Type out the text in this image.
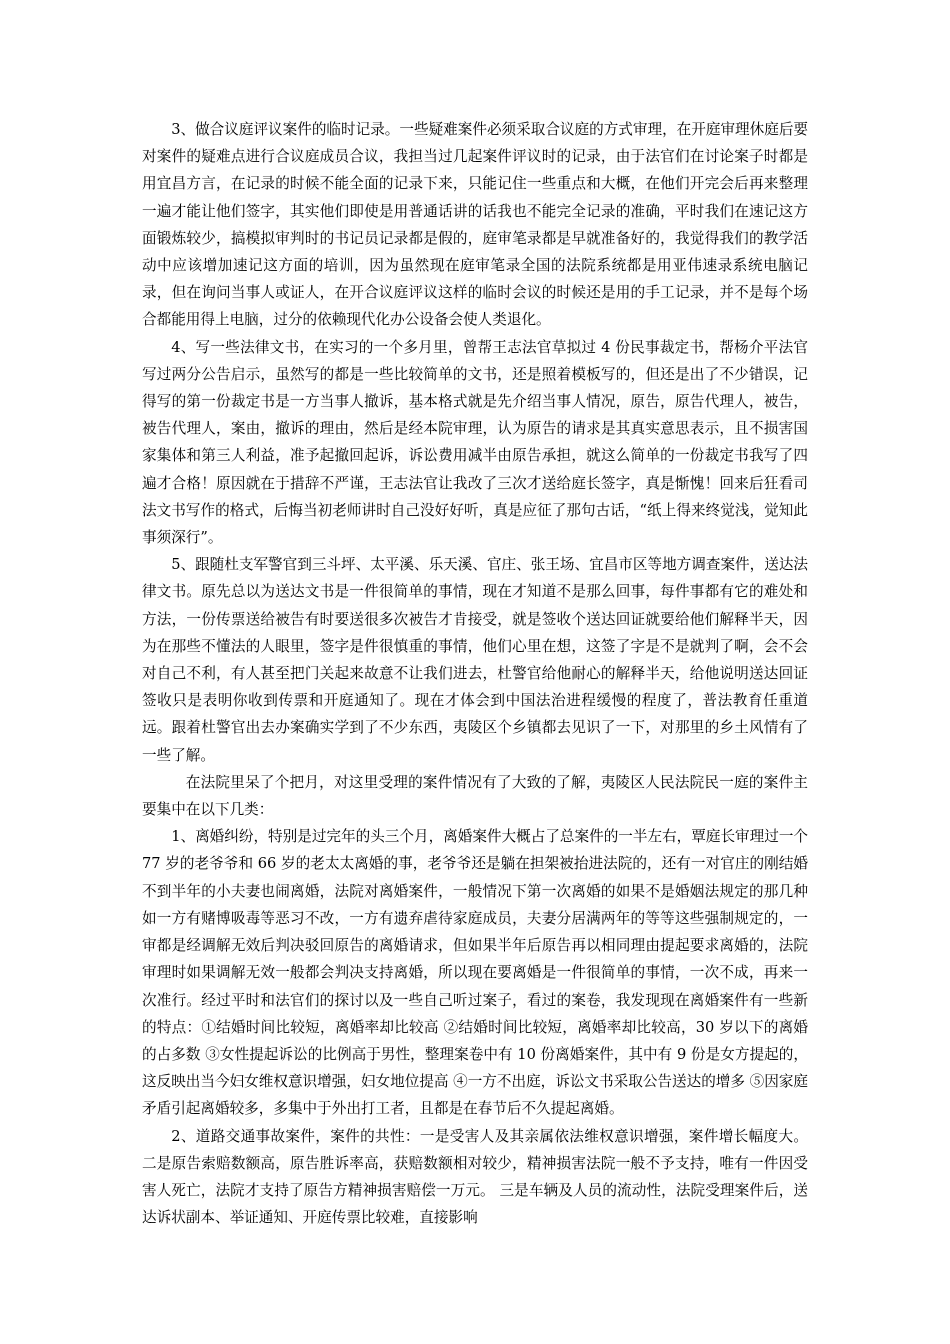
3、做合议庭评议案件的临时记录。一些疑难案件必须采取合议庭的方式审理，在开庭审理休庭后要对案件的疑难点进行合议庭成员合议，我担当过几起案件评议时的记录，由于法官们在讨论案子时都是用宜昌方言，在记录的时候不能全面的记录下来，只能记住一些重点和大概，在他们开完会后再来整理一遍才能让他们签字，其实他们即使是用普通话讲的话我也不能完全记录的准确，平时我们在速记这方面锻炼较少，搞模拟审判时的书记员记录都是假的，庭审笔录都是早就准备好的，我觉得我们的教学活动中应该增加速记这方面的培训，因为虽然现在庭审笔录全国的法院系统都是用亚伟速录系统电脑记录，但在询问当事人或证人，在开合议庭评议这样的临时会议的时候还是用的手工记录，并不是每个场合都能用得上电脑，过分的依赖现代化办公设备会使人类退化。

4、写一些法律文书，在实习的一个多月里，曾帮王志法官草拟过 4 份民事裁定书，帮杨介平法官写过两分公告启示，虽然写的都是一些比较简单的文书，还是照着模板写的，但还是出了不少错误，记得写的第一份裁定书是一方当事人撤诉，基本格式就是先介绍当事人情况，原告，原告代理人，被告，被告代理人，案由，撤诉的理由，然后是经本院审理，认为原告的请求是其真实意思表示，且不损害国家集体和第三人利益，准予起撤回起诉，诉讼费用减半由原告承担，就这么简单的一份裁定书我写了四遍才合格！原因就在于措辞不严谨，王志法官让我改了三次才送给庭长签字，真是惭愧！回来后狂看司法文书写作的格式，后悔当初老师讲时自己没好好听，真是应征了那句古话，“纸上得来终觉浅，觉知此事须深行”。

5、跟随杜支军警官到三斗坪、太平溪、乐天溪、官庄、张王场、宜昌市区等地方调查案件，送达法律文书。原先总以为送达文书是一件很简单的事情，现在才知道不是那么回事，每件事都有它的难处和方法，一份传票送给被告有时要送很多次被告才肯接受，就是签收个送达回证就要给他们解释半天，因为在那些不懂法的人眼里，签字是件很慎重的事情，他们心里在想，这签了字是不是就判了啊，会不会对自己不利，有人甚至把门关起来故意不让我们进去，杜警官给他耐心的解释半天，给他说明送达回证签收只是表明你收到传票和开庭通知了。现在才体会到中国法治进程缓慢的程度了，普法教育任重道远。跟着杜警官出去办案确实学到了不少东西，夷陵区个乡镇都去见识了一下，对那里的乡土风情有了一些了解。

在法院里呆了个把月，对这里受理的案件情况有了大致的了解，夷陵区人民法院民一庭的案件主要集中在以下几类：

1、离婚纠纷，特别是过完年的头三个月，离婚案件大概占了总案件的一半左右，覃庭长审理过一个 77 岁的老爷爷和 66 岁的老太太离婚的事，老爷爷还是躺在担架被抬进法院的，还有一对官庄的刚结婚不到半年的小夫妻也闹离婚，法院对离婚案件，一般情况下第一次离婚的如果不是婚姻法规定的那几种如一方有赌博吸毒等恶习不改，一方有遗弃虐待家庭成员，夫妻分居满两年的等等这些强制规定的，一审都是经调解无效后判决驳回原告的离婚请求，但如果半年后原告再以相同理由提起要求离婚的，法院审理时如果调解无效一般都会判决支持离婚，所以现在要离婚是一件很简单的事情，一次不成，再来一次准行。经过平时和法官们的探讨以及一些自己听过案子，看过的案卷，我发现现在离婚案件有一些新的特点：①结婚时间比较短，离婚率却比较高 ②结婚时间比较短，离婚率却比较高，30 岁以下的离婚的占多数 ③女性提起诉讼的比例高于男性，整理案卷中有 10 份离婚案件，其中有 9 份是女方提起的，这反映出当今妇女维权意识增强，妇女地位提高 ④一方不出庭，诉讼文书采取公告送达的增多 ⑤因家庭矛盾引起离婚较多，多集中于外出打工者，且都是在春节后不久提起离婚。

2、道路交通事故案件，案件的共性：一是受害人及其亲属依法维权意识增强，案件增长幅度大。 二是原告索赔数额高，原告胜诉率高，获赔数额相对较少，精神损害法院一般不予支持，唯有一件因受害人死亡，法院才支持了原告方精神损害赔偿一万元。 三是车辆及人员的流动性，法院受理案件后，送达诉状副本、举证通知、开庭传票比较难，直接影响
